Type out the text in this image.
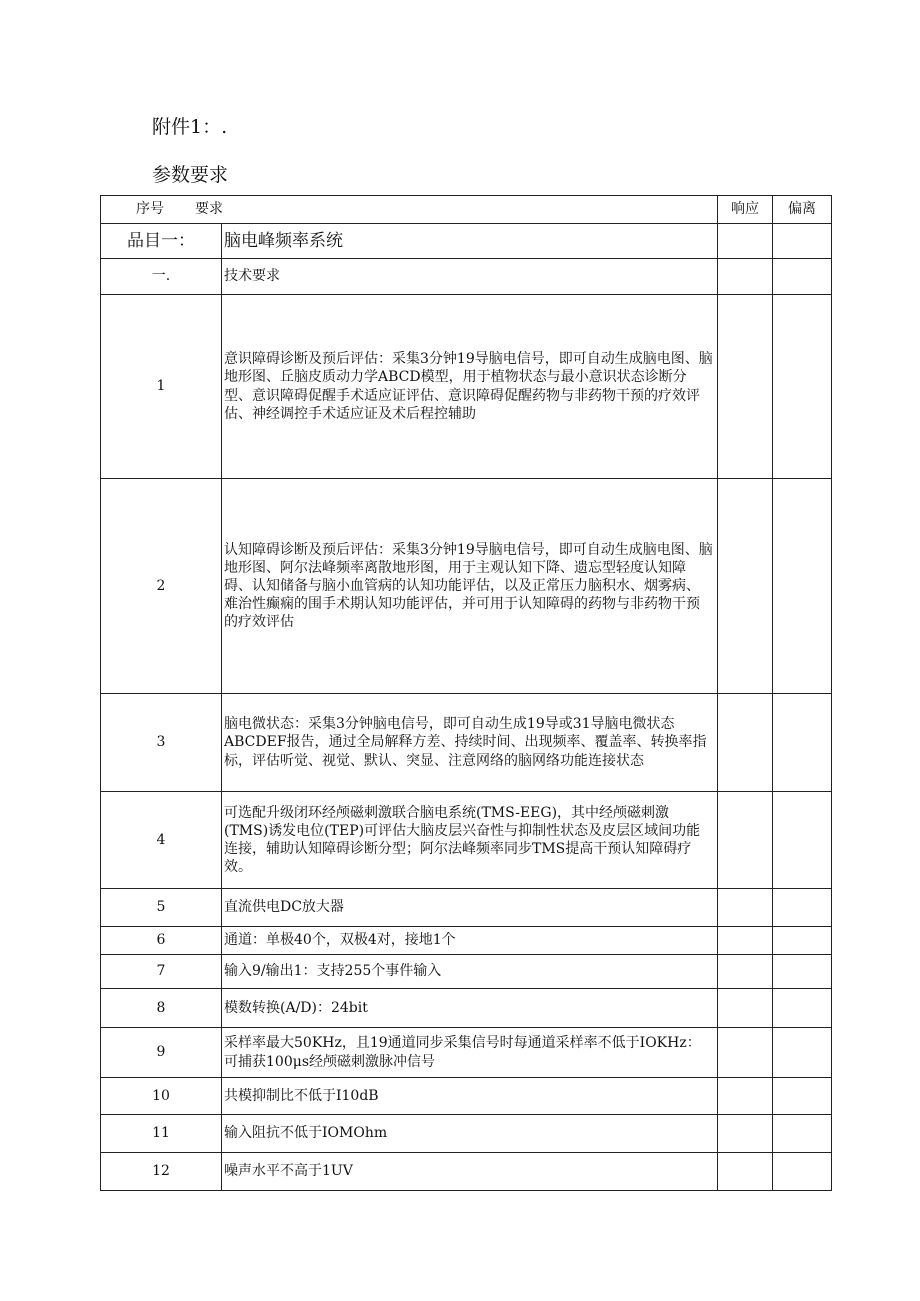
附件1：.
参数要求
序号 要求		响应	偏离
品目一：	脑电峰频率系统		
一.	技术要求		
1	意识障碍诊断及预后评估：采集3分钟19导脑电信号，即可自动生成脑电图、脑地形图、丘脑皮质动力学ABCD模型，用于植物状态与最小意识状态诊断分型、意识障碍促醒手术适应证评估、意识障碍促醒药物与非药物干预的疗效评估、神经调控手术适应证及术后程控辅助		
2	认知障碍诊断及预后评估：采集3分钟19导脑电信号，即可自动生成脑电图、脑地形图、阿尔法峰频率离散地形图，用于主观认知下降、遗忘型轻度认知障碍、认知储备与脑小血管病的认知功能评估，以及正常压力脑积水、烟雾病、难治性癫痫的围手术期认知功能评估，并可用于认知障碍的药物与非药物干预的疗效评估		
3	脑电微状态：采集3分钟脑电信号，即可自动生成19导或31导脑电微状态ABCDEF报告，通过全局解释方差、持续时间、出现频率、覆盖率、转换率指标，评估听觉、视觉、默认、突显、注意网络的脑网络功能连接状态		
4	可选配升级闭环经颅磁刺激联合脑电系统(TMS-EEG)，其中经颅磁刺激(TMS)诱发电位(TEP)可评估大脑皮层兴奋性与抑制性状态及皮层区域间功能连接，辅助认知障碍诊断分型；阿尔法峰频率同步TMS提高干预认知障碍疗效。		
5	直流供电DC放大器		
6	通道：单极40个，双极4对，接地1个		
7	输入9/输出1：支持255个事件输入		
8	模数转换(A/D)：24bit		
9	采样率最大50KHz，且19通道同步采集信号时每通道采样率不低于IOKHz：可捕获100μs经颅磁刺激脉冲信号		
10	共模抑制比不低于I10dB		
11	输入阻抗不低于IOMOhm		
12	噪声水平不高于1UV		
